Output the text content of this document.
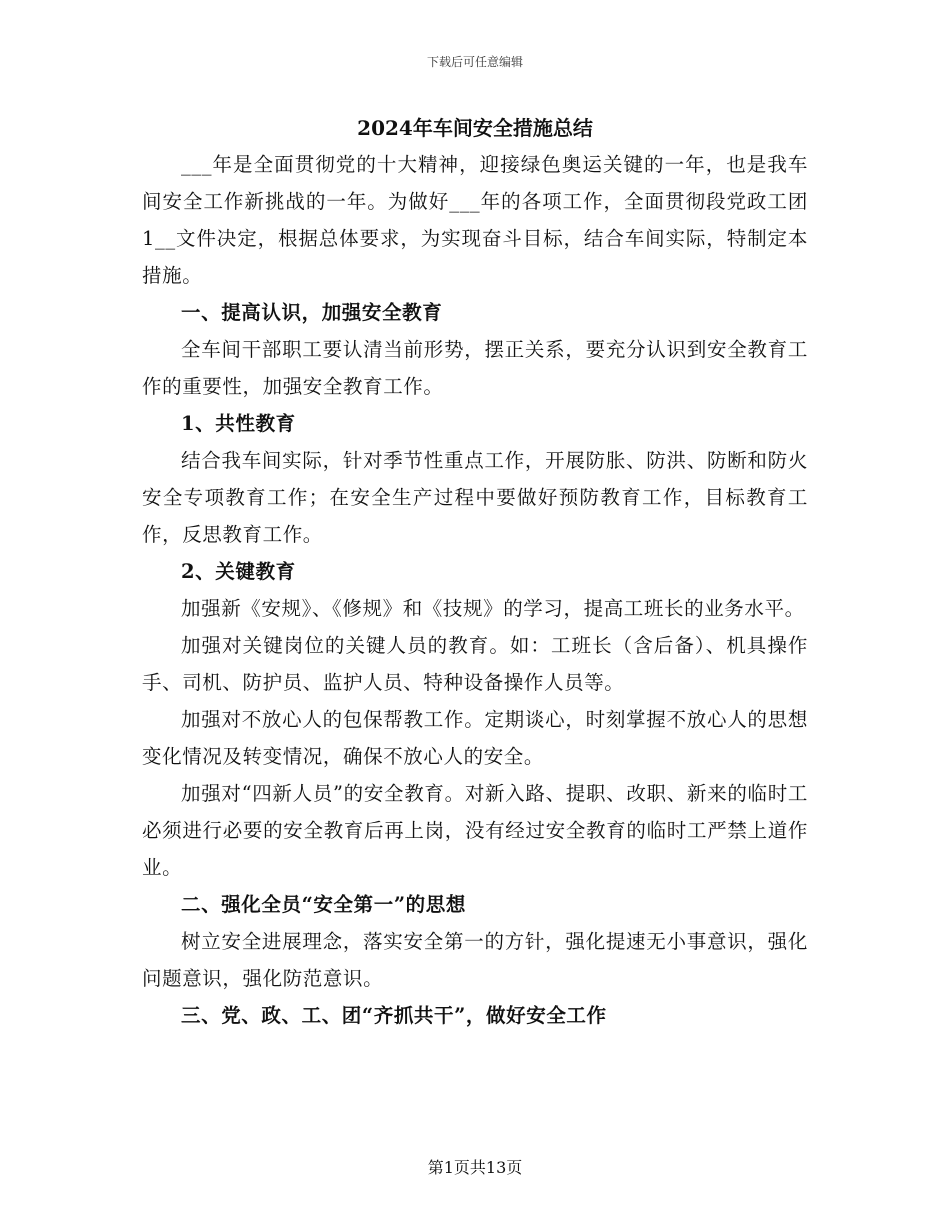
下载后可任意编辑
2024年车间安全措施总结

___年是全面贯彻党的十大精神，迎接绿色奥运关键的一年，也是我车间安全工作新挑战的一年。为做好___年的各项工作，全面贯彻段党政工团1__文件决定，根据总体要求，为实现奋斗目标，结合车间实际，特制定本措施。

一、提高认识，加强安全教育

全车间干部职工要认清当前形势，摆正关系，要充分认识到安全教育工作的重要性，加强安全教育工作。

1、共性教育

结合我车间实际，针对季节性重点工作，开展防胀、防洪、防断和防火安全专项教育工作；在安全生产过程中要做好预防教育工作，目标教育工作，反思教育工作。

2、关键教育

加强新《安规》、《修规》和《技规》的学习，提高工班长的业务水平。

加强对关键岗位的关键人员的教育。如：工班长（含后备）、机具操作手、司机、防护员、监护人员、特种设备操作人员等。

加强对不放心人的包保帮教工作。定期谈心，时刻掌握不放心人的思想变化情况及转变情况，确保不放心人的安全。

加强对“四新人员”的安全教育。对新入路、提职、改职、新来的临时工必须进行必要的安全教育后再上岗，没有经过安全教育的临时工严禁上道作业。

二、强化全员“安全第一”的思想

树立安全进展理念，落实安全第一的方针，强化提速无小事意识，强化问题意识，强化防范意识。

三、党、政、工、团“齐抓共干”，做好安全工作

第1页共13页
